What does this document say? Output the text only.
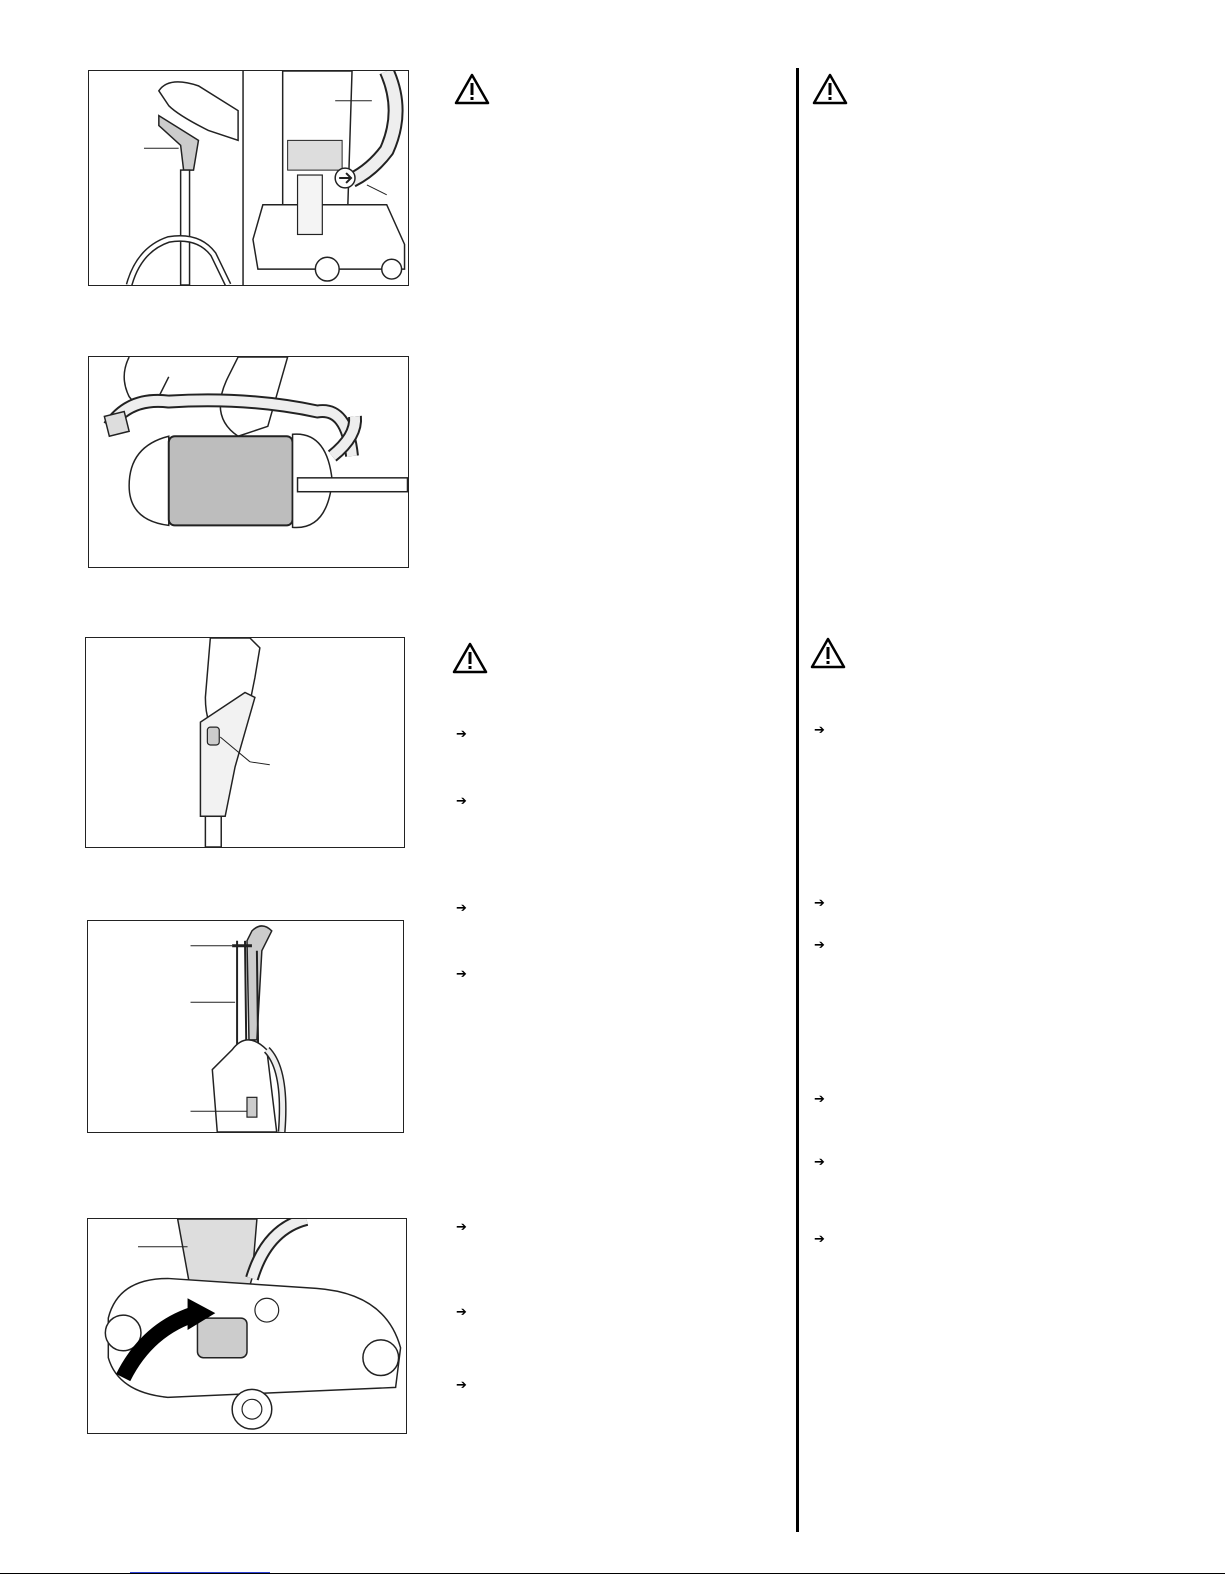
➔
➔
➔
➔
➔
➔
➔
➔
➔
➔
➔
➔
➔
